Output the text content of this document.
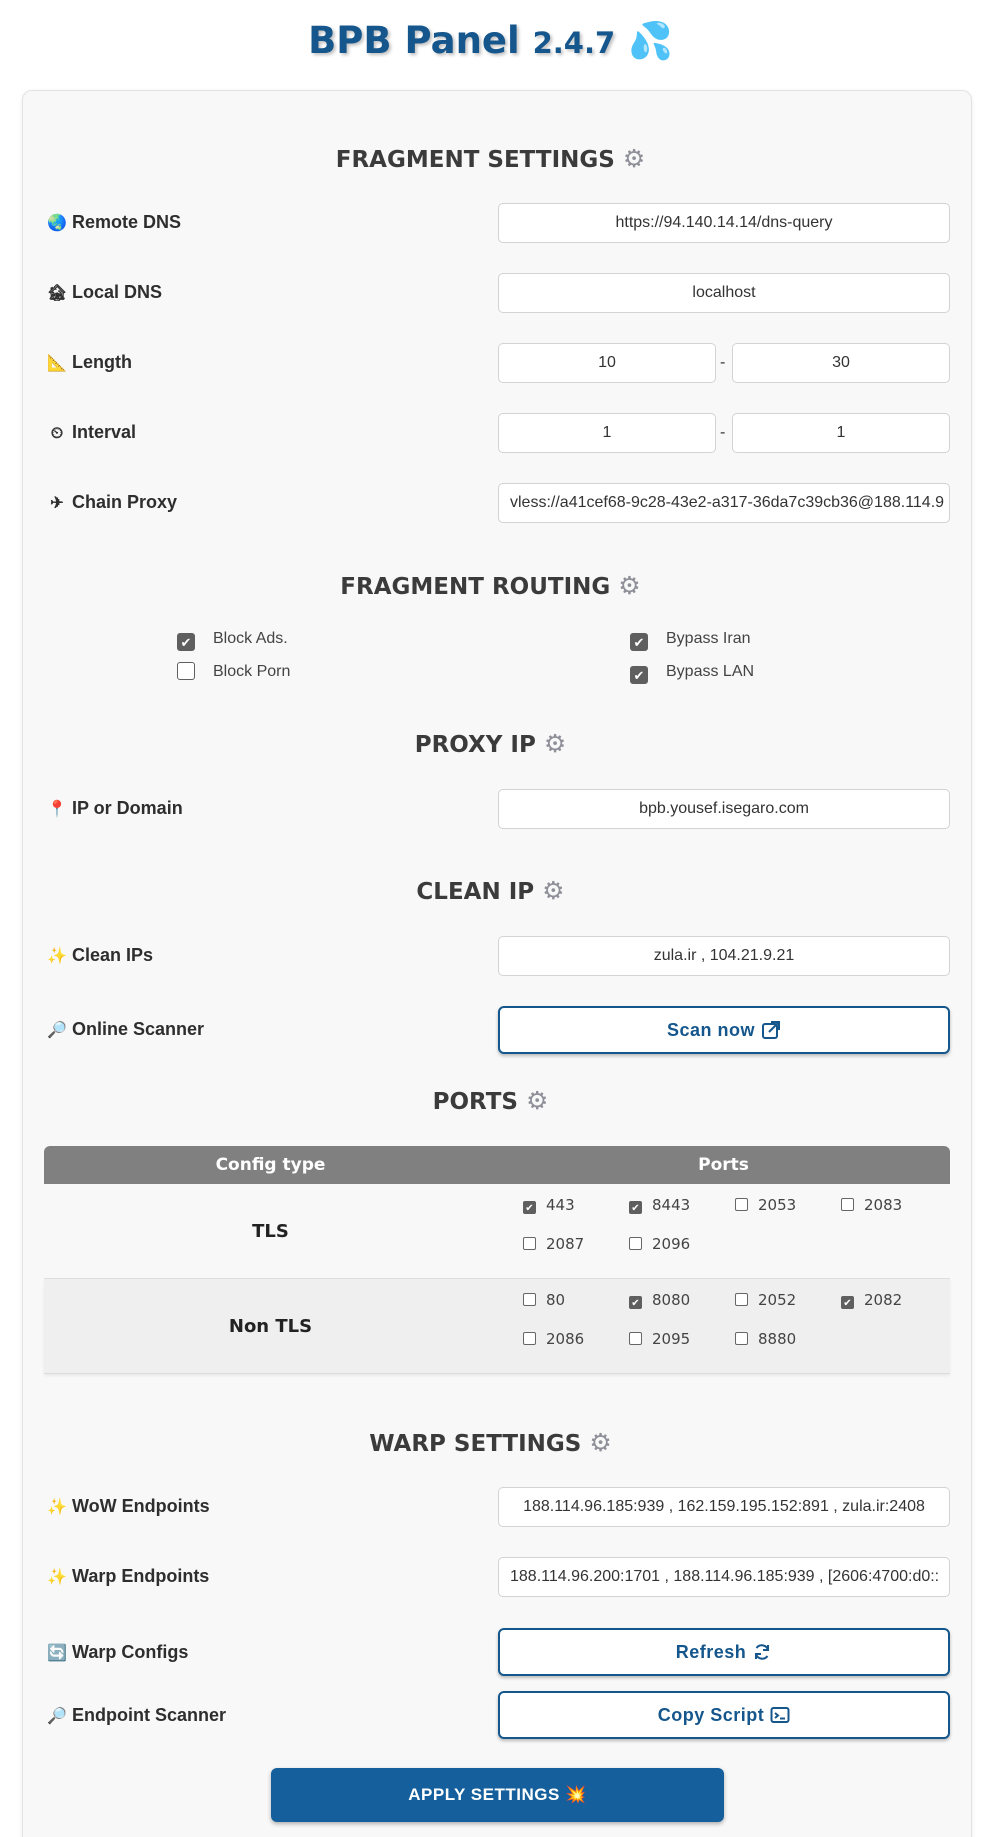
BPB Panel 2.4.7 💦
FRAGMENT SETTINGS ⚙
🌏 Remote DNS	https://94.140.14.14/dns-query
🏚 Local DNS	localhost
📐 Length	10	-	30
⏲ Interval	1	-	1
✈ Chain Proxy	vless://a41cef68-9c28-43e2-a317-36da7c39cb36@188.114.9
FRAGMENT ROUTING ⚙
✔ Block Ads.
Block Porn
✔ Bypass Iran
✔ Bypass LAN
PROXY IP ⚙
📍 IP or Domain	bpb.yousef.isegaro.com
CLEAN IP ⚙
✨ Clean IPs	zula.ir , 104.21.9.21
🔎 Online Scanner	Scan now
PORTS ⚙
Config type	Ports
TLS
✔ 443	✔ 8443	2053	2083
2087	2096
Non TLS
80	✔ 8080	2052	✔ 2082
2086	2095	8880
WARP SETTINGS ⚙
✨ WoW Endpoints	188.114.96.185:939 , 162.159.195.152:891 , zula.ir:2408
✨ Warp Endpoints	188.114.96.200:1701 , 188.114.96.185:939 , [2606:4700:d0::
🔄 Warp Configs	Refresh
🔎 Endpoint Scanner	Copy Script
APPLY SETTINGS 💥
